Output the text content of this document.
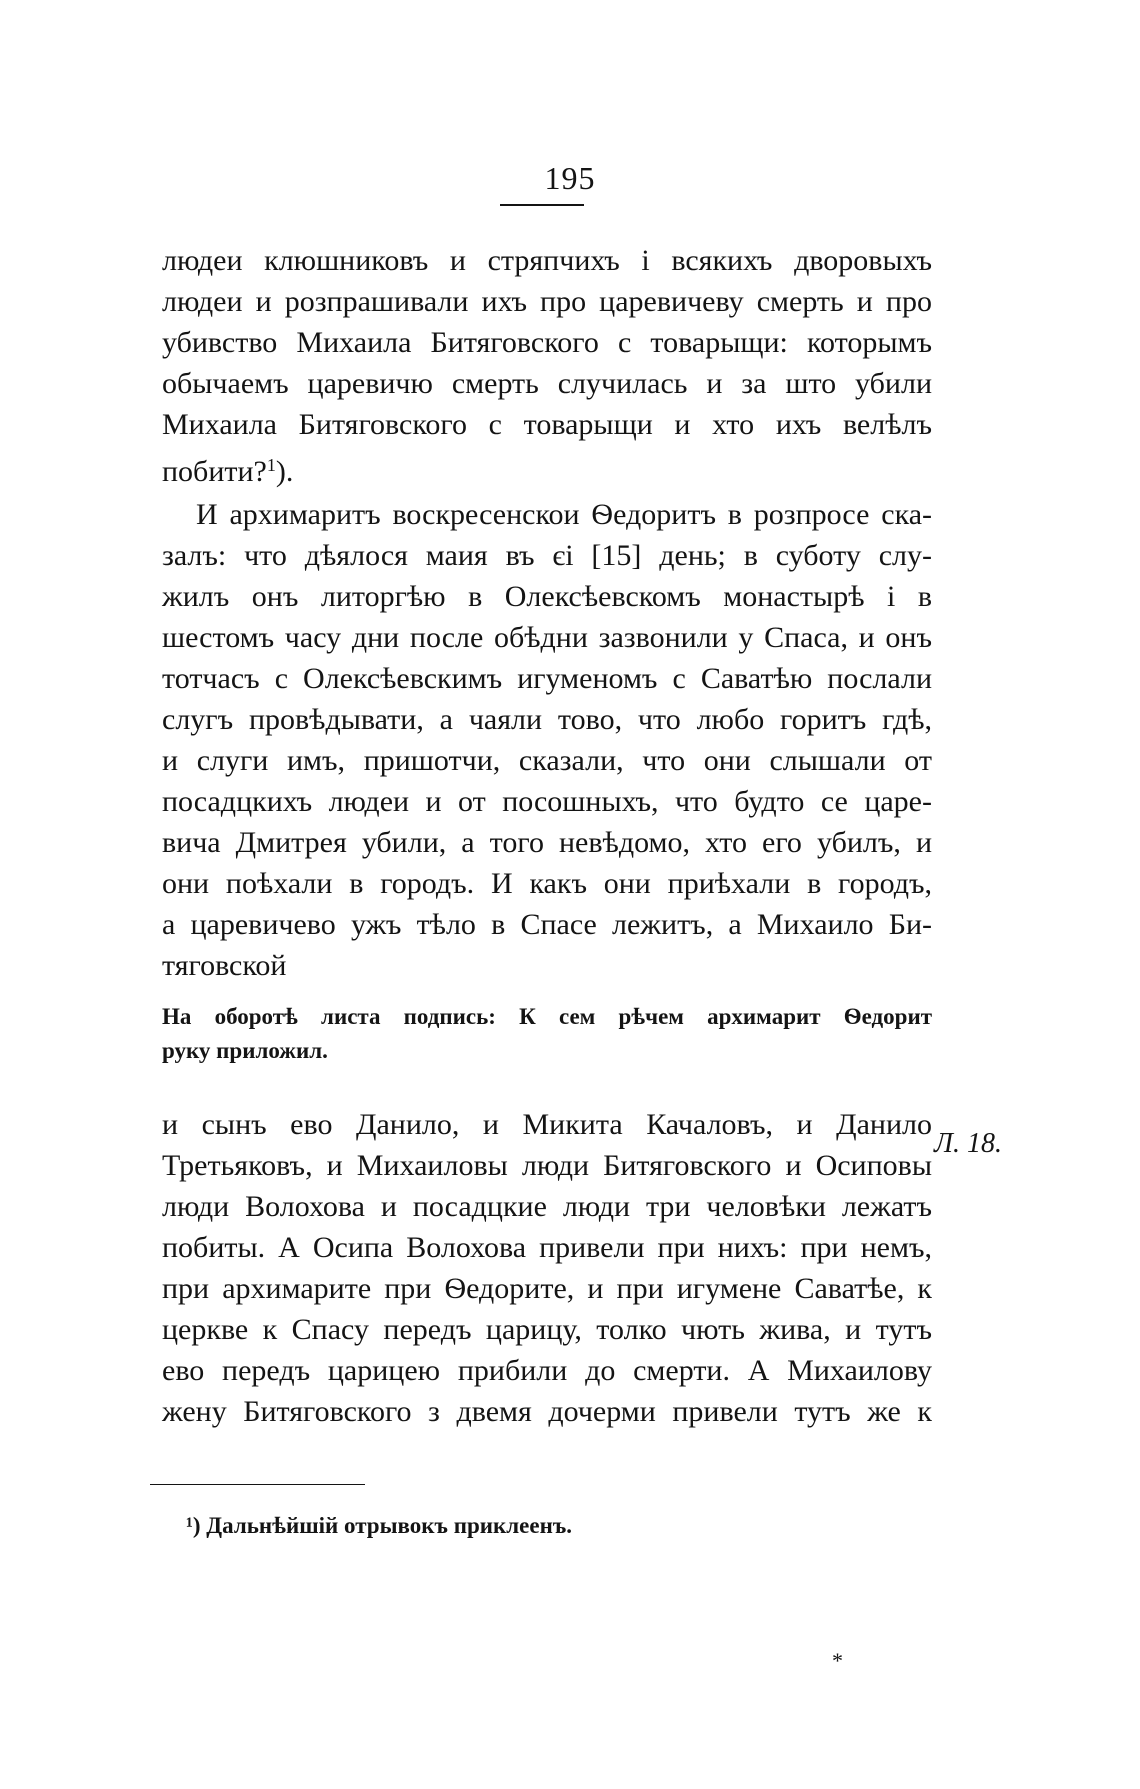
195
людеи клюшниковъ и стряпчихъ і всякихъ дворовыхъ
людеи и розпрашивали ихъ про царевичеву смерть и про
убивство Михаила Битяговского с товарыщи: которымъ
обычаемъ царевичю смерть случилась и за што убили
Михаила Битяговского с товарыщи и хто ихъ велѣлъ
побити?$^1$).
И архимаритъ воскресенскои Ѳедоритъ в розпросе ска-
залъ: что дѣялося маия въ єі [15] день; в суботу слу-
жилъ онъ литоргѣю в Олексѣевскомъ монастырѣ і в
шестомъ часу дни после обѣдни зазвонили у Спаса, и онъ
тотчасъ с Олексѣевскимъ игуменомъ с Саватѣю послали
слугъ провѣдывати, а чаяли тово, что любо горитъ гдѣ,
и слуги имъ, пришотчи, сказали, что они слышали от
посадцкихъ людеи и от посошныхъ, что будто се царе-
вича Дмитрея убили, а того невѣдомо, хто его убилъ, и
они поѣхали в городъ. И какъ они приѣхали в городъ,
а царевичево ужъ тѣло в Спасе лежитъ, а Михаило Би-
тяговской
На оборотѣ листа подпись: К сем рѣчем архимарит Ѳедорит
руку приложил.
и сынъ ево Данило, и Микита Качаловъ, и Данило
Третьяковъ, и Михаиловы люди Битяговского и Осиповы
люди Волохова и посадцкие люди три человѣки лежатъ
побиты. А Осипа Волохова привели при нихъ: при немъ,
при архимарите при Ѳедорите, и при игумене Саватѣе, к
церкве к Спасу передъ царицу, толко чють жива, и тутъ
ево передъ царицею прибили до смерти. А Михаилову
жену Битяговского з двемя дочерми привели тутъ же к
Л. 18.
¹) Дальнѣйшій отрывокъ приклеенъ.
*
